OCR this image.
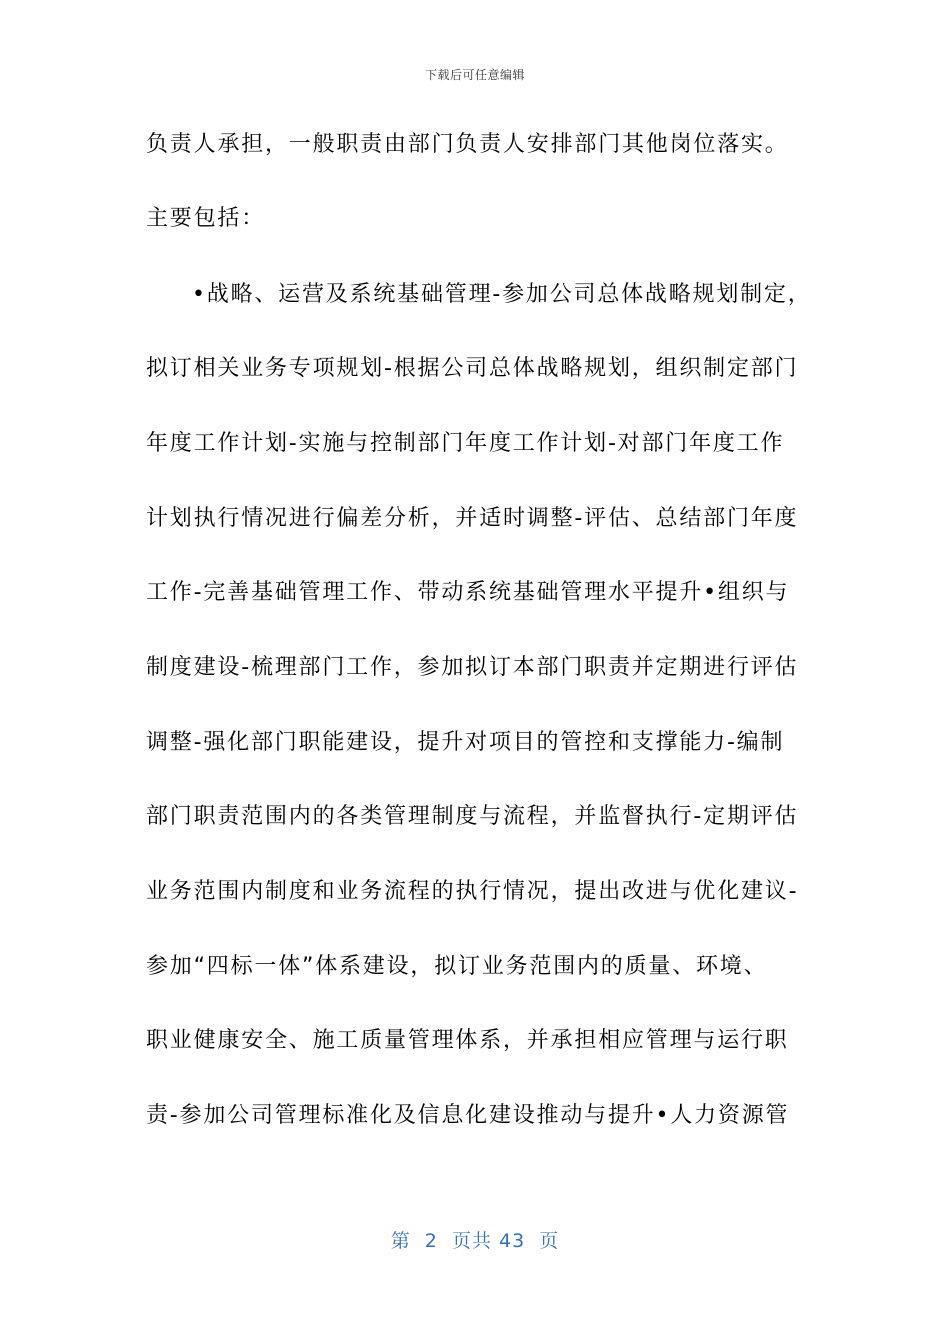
下载后可任意编辑
负责人承担，一般职责由部门负责人安排部门其他岗位落实。
主要包括：
•战略、运营及系统基础管理-参加公司总体战略规划制定，
拟订相关业务专项规划-根据公司总体战略规划，组织制定部门
年度工作计划-实施与控制部门年度工作计划-对部门年度工作
计划执行情况进行偏差分析，并适时调整-评估、总结部门年度
工作-完善基础管理工作、带动系统基础管理水平提升•组织与
制度建设-梳理部门工作，参加拟订本部门职责并定期进行评估
调整-强化部门职能建设，提升对项目的管控和支撑能力-编制
部门职责范围内的各类管理制度与流程，并监督执行-定期评估
业务范围内制度和业务流程的执行情况，提出改进与优化建议-
参加“四标一体”体系建设，拟订业务范围内的质量、环境、
职业健康安全、施工质量管理体系，并承担相应管理与运行职
责-参加公司管理标准化及信息化建设推动与提升•人力资源管
第  2  页共 43  页
